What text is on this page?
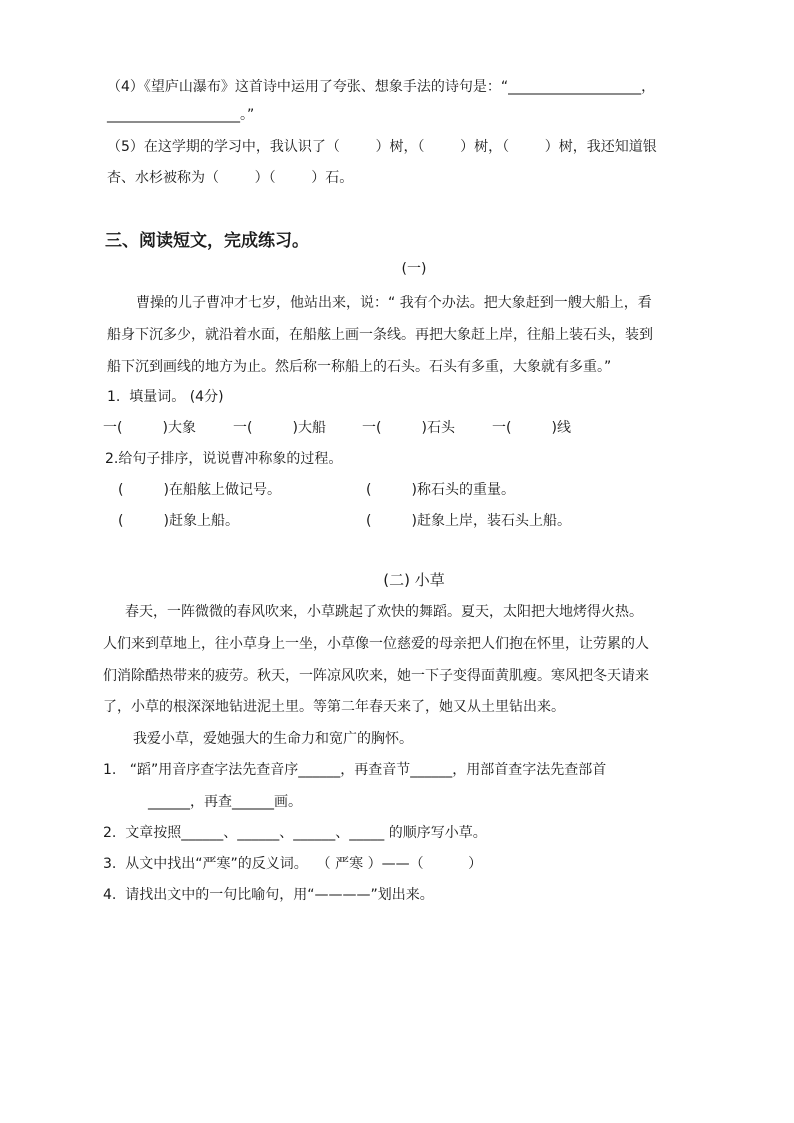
（4）《望庐山瀑布》这首诗中运用了夸张、想象手法的诗句是：“___________________，
___________________。”
（5）在这学期的学习中，我认识了（        ）树，（        ）树，（        ）树，我还知道银
杏、水杉被称为（        ）（        ）石。
三、阅读短文，完成练习。
(一)
曹操的儿子曹冲才七岁，他站出来，说：“ 我有个办法。把大象赶到一艘大船上，看
船身下沉多少，就沿着水面，在船舷上画一条线。再把大象赶上岸，往船上装石头，装到
船下沉到画线的地方为止。然后称一称船上的石头。石头有多重，大象就有多重。”
1.  填量词。 (4分)
一(         )大象	一(         )大船	一(         )石头	一(         )线
2.给句子排序，说说曹冲称象的过程。
(         )在船舷上做记号。	(         )称石头的重量。
(         )赶象上船。	(         )赶象上岸，装石头上船。
(二) 小草
春天，一阵微微的春风吹来，小草跳起了欢快的舞蹈。夏天，太阳把大地烤得火热。
人们来到草地上，往小草身上一坐，小草像一位慈爱的母亲把人们抱在怀里，让劳累的人
们消除酷热带来的疲劳。秋天，一阵凉风吹来，她一下子变得面黄肌瘦。寒风把冬天请来
了，小草的根深深地钻进泥土里。等第二年春天来了，她又从土里钻出来。
我爱小草，爱她强大的生命力和宽广的胸怀。
1.   “蹈”用音序查字法先查音序______，再查音节______，用部首查字法先查部首
______，再查______画。
2.  文章按照______、______、______、_____ 的顺序写小草。
3.  从文中找出“严寒”的反义词。  （ 严寒 ）——（          ）
4.  请找出文中的一句比喻句，用“————”划出来。
